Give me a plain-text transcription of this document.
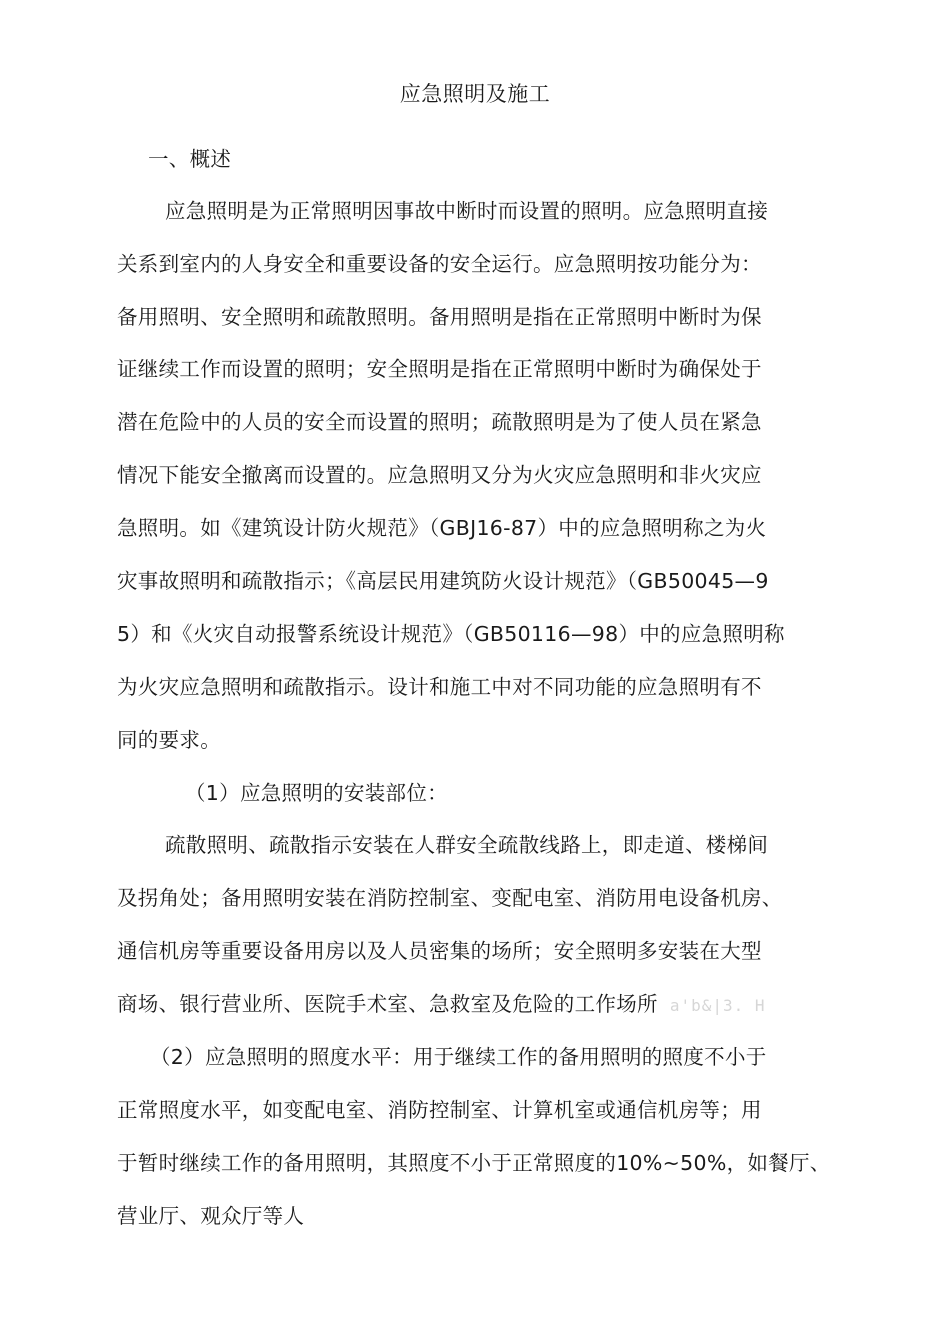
应急照明及施工
一、概述
应急照明是为正常照明因事故中断时而设置的照明。应急照明直接
关系到室内的人身安全和重要设备的安全运行。应急照明按功能分为：
备用照明、安全照明和疏散照明。备用照明是指在正常照明中断时为保
证继续工作而设置的照明；安全照明是指在正常照明中断时为确保处于
潜在危险中的人员的安全而设置的照明；疏散照明是为了使人员在紧急
情况下能安全撤离而设置的。应急照明又分为火灾应急照明和非火灾应
急照明。如《建筑设计防火规范》（GBJ16-87）中的应急照明称之为火
灾事故照明和疏散指示；《高层民用建筑防火设计规范》（GB50045—9
5）和《火灾自动报警系统设计规范》（GB50116—98）中的应急照明称
为火灾应急照明和疏散指示。设计和施工中对不同功能的应急照明有不
同的要求。
（1）应急照明的安装部位：
疏散照明、疏散指示安装在人群安全疏散线路上，即走道、楼梯间
及拐角处；备用照明安装在消防控制室、变配电室、消防用电设备机房、
通信机房等重要设备用房以及人员密集的场所；安全照明多安装在大型
商场、银行营业所、医院手术室、急救室及危险的工作场所 a'b&|3. H
（2）应急照明的照度水平：用于继续工作的备用照明的照度不小于
正常照度水平，如变配电室、消防控制室、计算机室或通信机房等；用
于暂时继续工作的备用照明，其照度不小于正常照度的10%~50%，如餐厅、
营业厅、观众厅等人
